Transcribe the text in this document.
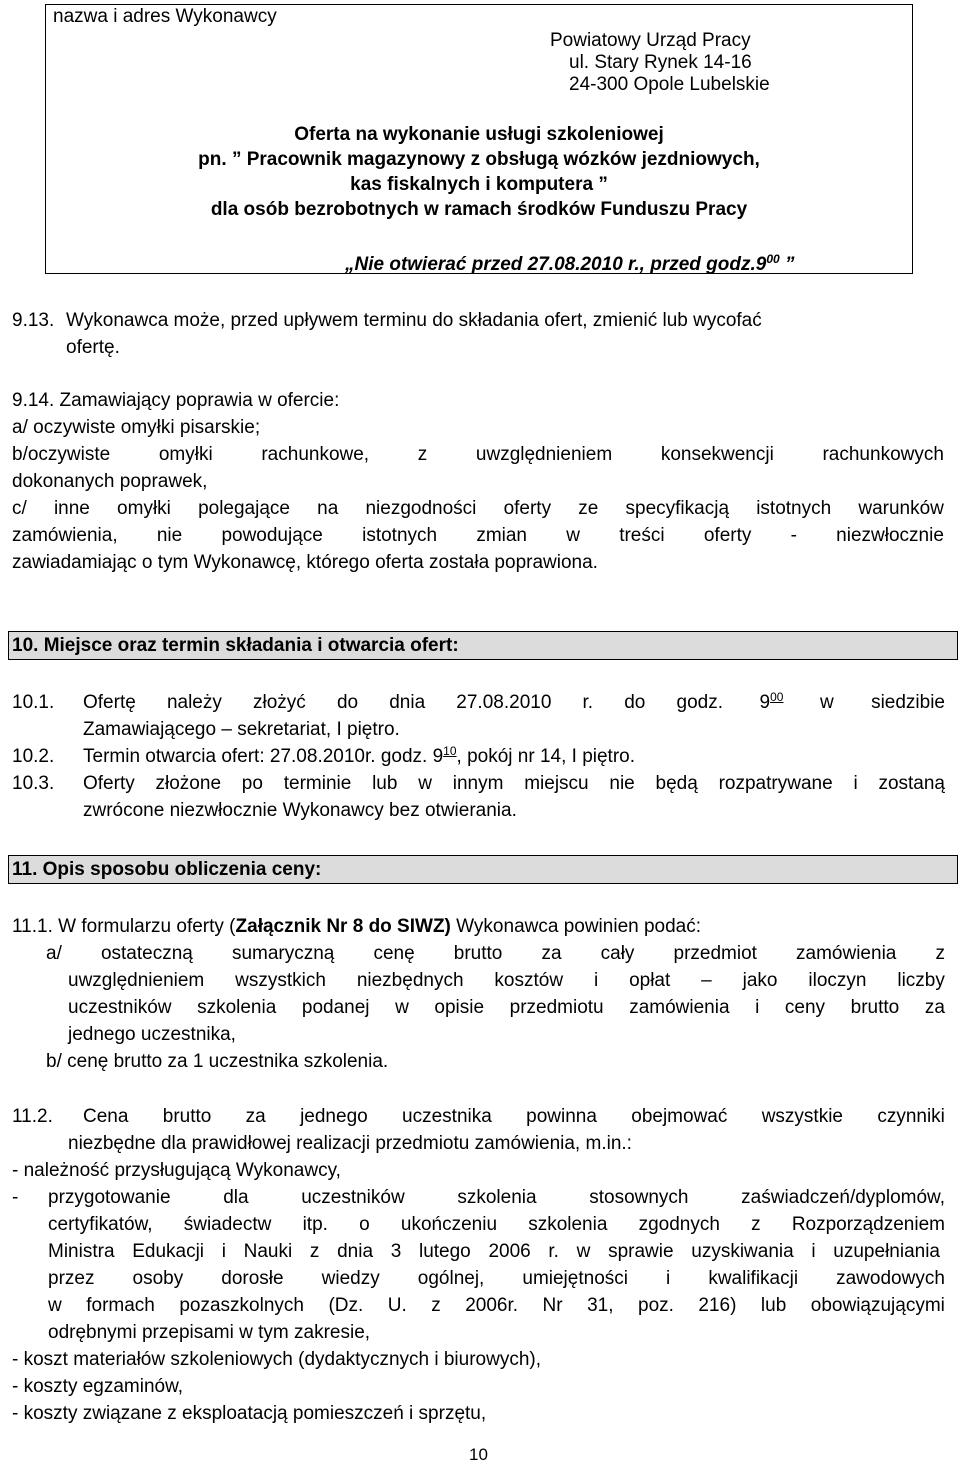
nazwa i adres Wykonawcy
Powiatowy Urząd Pracy
ul. Stary Rynek 14-16
24-300 Opole Lubelskie
Oferta na wykonanie usługi szkoleniowej
pn. ” Pracownik magazynowy z obsługą wózków jezdniowych,
kas fiskalnych i komputera ”
dla osób bezrobotnych w ramach środków Funduszu Pracy
„Nie otwierać przed 27.08.2010 r., przed $godz.9^{00}$ ”
9.13. Wykonawca może, przed upływem terminu do składania ofert, zmienić lub wycofać
ofertę.
9.14. Zamawiający poprawia w ofercie:
a/ oczywiste omyłki pisarskie;
b/oczywiste	omyłki	rachunkowe,	z	uwzględnieniem	konsekwencji	rachunkowych
dokonanych poprawek,
c/ inne omyłki polegające na niezgodności oferty ze specyfikacją istotnych warunków
zamówienia, nie powodujące istotnych zmian w treści oferty - niezwłocznie
zawiadamiając o tym Wykonawcę, którego oferta została poprawiona.
10. Miejsce oraz termin składania i otwarcia ofert:
10.1. Ofertę należy złożyć do dnia 27.08.2010 r. do godz. $9^{00}$ w siedzibie
Zamawiającego – sekretariat, I piętro.
10.2. Termin otwarcia ofert: 27.08.2010r. godz. $9^{10}$, pokój nr 14, I piętro.
10.3. Oferty złożone po terminie lub w innym miejscu nie będą rozpatrywane i zostaną
zwrócone niezwłocznie Wykonawcy bez otwierania.
11. Opis sposobu obliczenia ceny:
11.1. W formularzu oferty (Załącznik Nr 8 do SIWZ) Wykonawca powinien podać:
a/ ostateczną sumaryczną cenę brutto za cały przedmiot zamówienia z
uwzględnieniem wszystkich niezbędnych kosztów i opłat – jako iloczyn liczby
uczestników szkolenia podanej w opisie przedmiotu zamówienia i ceny brutto za
jednego uczestnika,
b/ cenę brutto za 1 uczestnika szkolenia.
11.2. Cena brutto za jednego uczestnika powinna obejmować wszystkie czynniki
niezbędne dla prawidłowej realizacji przedmiotu zamówienia, m.in.:
- należność przysługującą Wykonawcy,
- przygotowanie	dla	uczestników	szkolenia	stosownych	zaświadczeń/dyplomów,
certyfikatów, świadectw itp. o ukończeniu szkolenia zgodnych z Rozporządzeniem
Ministra Edukacji i Nauki z dnia 3 lutego 2006 r. w sprawie uzyskiwania i uzupełniania
przez osoby dorosłe wiedzy ogólnej, umiejętności i kwalifikacji zawodowych
w formach pozaszkolnych (Dz. U. z 2006r. Nr 31, poz. 216) lub obowiązującymi
odrębnymi przepisami w tym zakresie,
- koszt materiałów szkoleniowych (dydaktycznych i biurowych),
- koszty egzaminów,
- koszty związane z eksploatacją pomieszczeń i sprzętu,
10
